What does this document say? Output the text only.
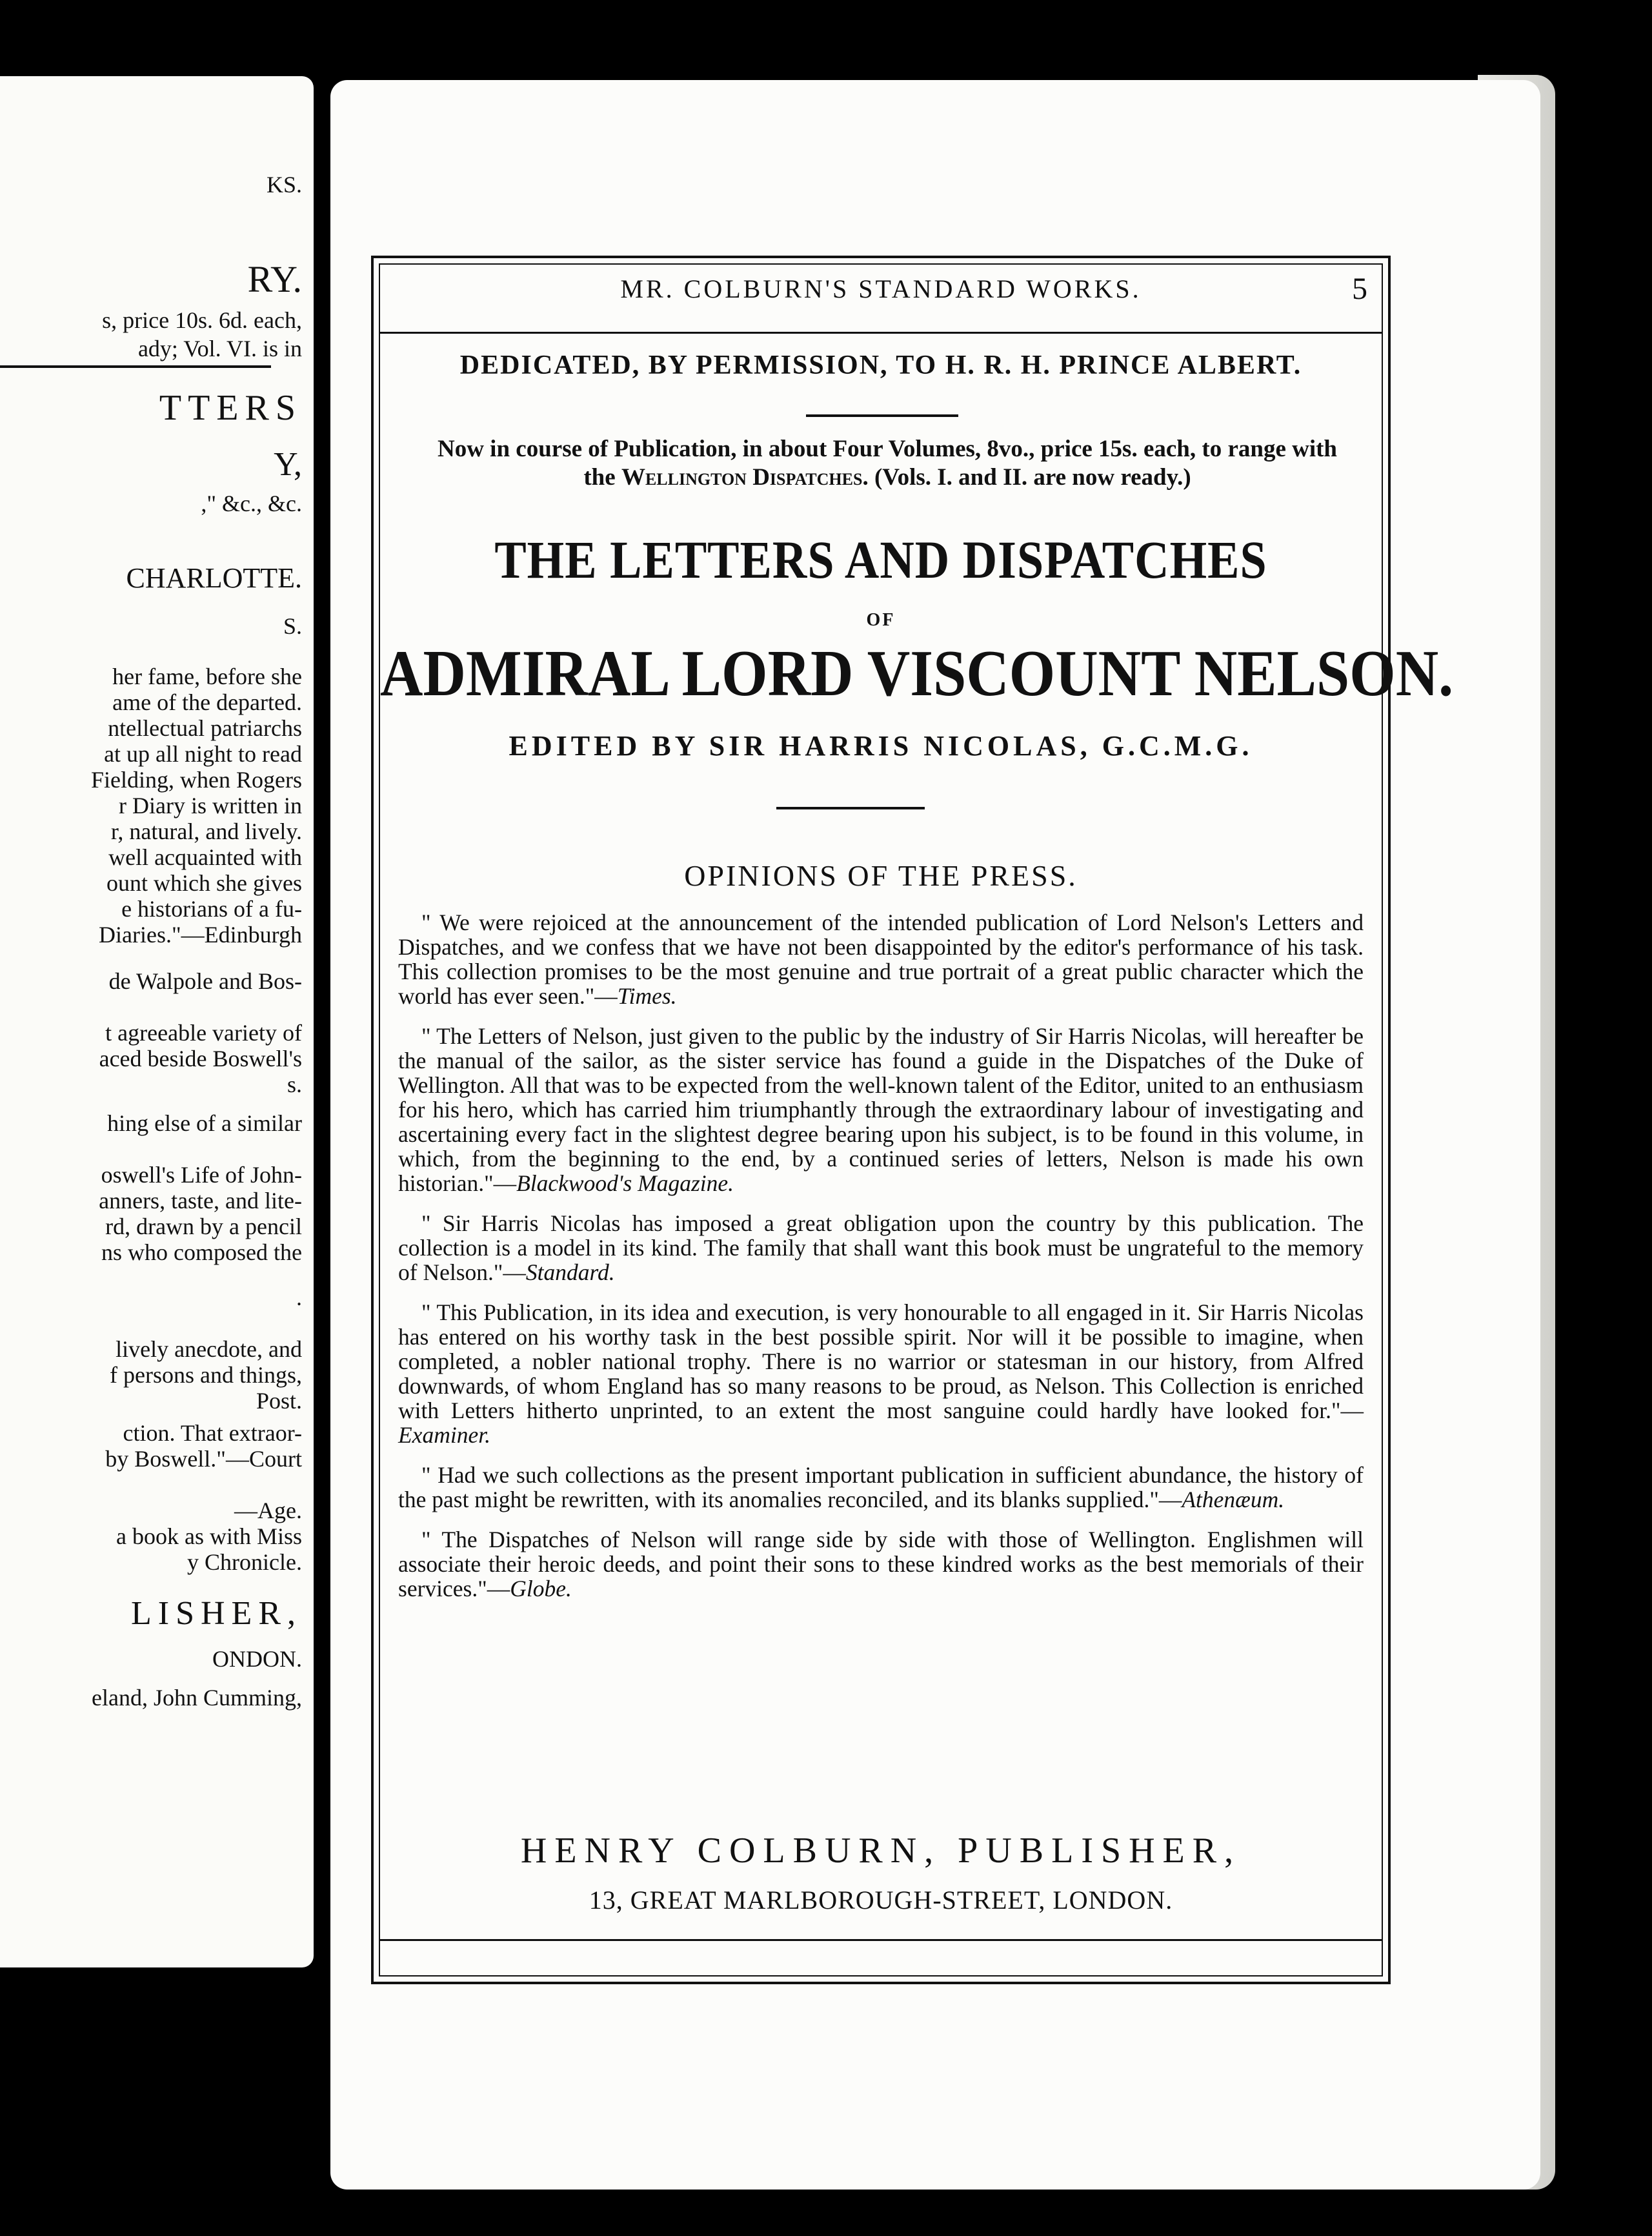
KS.
RY.
s, price 10s. 6d. each,
ady; Vol. VI. is in
TTERS
Y,
," &c., &c.
CHARLOTTE.
S.
her fame, before she
ame of the departed.
ntellectual patriarchs
at up all night to read
Fielding, when Rogers
r Diary is written in
r, natural, and lively.
well acquainted with
ount which she gives
e historians of a fu-
Diaries."—Edinburgh
de Walpole and Bos-
t agreeable variety of
aced beside Boswell's
s.
hing else of a similar
oswell's Life of John-
anners, taste, and lite-
rd, drawn by a pencil
ns who composed the
.
lively anecdote, and
f persons and things,
Post.
ction. That extraor-
by Boswell."—Court
—Age.
a book as with Miss
y Chronicle.
LISHER,
ONDON.
eland, John Cumming,
MR. COLBURN'S STANDARD WORKS.	5
DEDICATED, BY PERMISSION, TO H. R. H. PRINCE ALBERT.
Now in course of Publication, in about Four Volumes, 8vo., price 15s. each, to range with the Wellington Dispatches. (Vols. I. and II. are now ready.)
THE LETTERS AND DISPATCHES
OF
ADMIRAL LORD VISCOUNT NELSON.
EDITED BY SIR HARRIS NICOLAS, G.C.M.G.
OPINIONS OF THE PRESS.

" We were rejoiced at the announcement of the intended publication of Lord Nelson's Letters and Dispatches, and we confess that we have not been disappointed by the editor's performance of his task. This collection promises to be the most genuine and true portrait of a great public character which the world has ever seen."—Times.

" The Letters of Nelson, just given to the public by the industry of Sir Harris Nicolas, will hereafter be the manual of the sailor, as the sister service has found a guide in the Dispatches of the Duke of Wellington. All that was to be expected from the well-known talent of the Editor, united to an enthusiasm for his hero, which has carried him triumphantly through the extraordinary labour of investigating and ascertaining every fact in the slightest degree bearing upon his subject, is to be found in this volume, in which, from the beginning to the end, by a continued series of letters, Nelson is made his own historian."—Blackwood's Magazine.

" Sir Harris Nicolas has imposed a great obligation upon the country by this publication. The collection is a model in its kind. The family that shall want this book must be ungrateful to the memory of Nelson."—Standard.

" This Publication, in its idea and execution, is very honourable to all engaged in it. Sir Harris Nicolas has entered on his worthy task in the best possible spirit. Nor will it be possible to imagine, when completed, a nobler national trophy. There is no warrior or statesman in our history, from Alfred downwards, of whom England has so many reasons to be proud, as Nelson. This Collection is enriched with Letters hitherto unprinted, to an extent the most sanguine could hardly have looked for."—Examiner.

" Had we such collections as the present important publication in sufficient abundance, the history of the past might be rewritten, with its anomalies reconciled, and its blanks supplied."—Athenæum.

" The Dispatches of Nelson will range side by side with those of Wellington. Englishmen will associate their heroic deeds, and point their sons to these kindred works as the best memorials of their services."—Globe.

HENRY COLBURN, PUBLISHER,
13, GREAT MARLBOROUGH-STREET, LONDON.
